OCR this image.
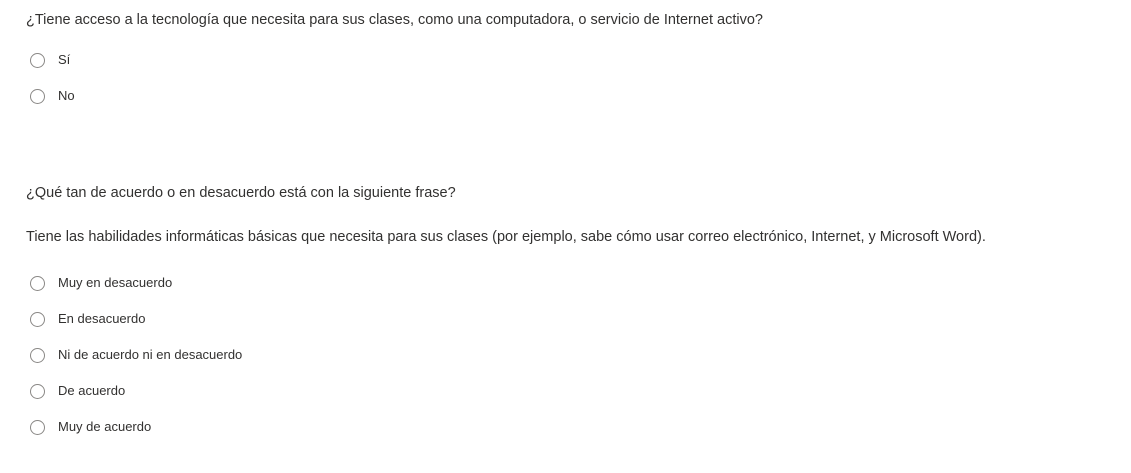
¿Tiene acceso a la tecnología que necesita para sus clases, como una computadora, o servicio de Internet activo?
Sí
No
¿Qué tan de acuerdo o en desacuerdo está con la siguiente frase?
Tiene las habilidades informáticas básicas que necesita para sus clases (por ejemplo, sabe cómo usar correo electrónico, Internet, y Microsoft Word).
Muy en desacuerdo
En desacuerdo
Ni de acuerdo ni en desacuerdo
De acuerdo
Muy de acuerdo
